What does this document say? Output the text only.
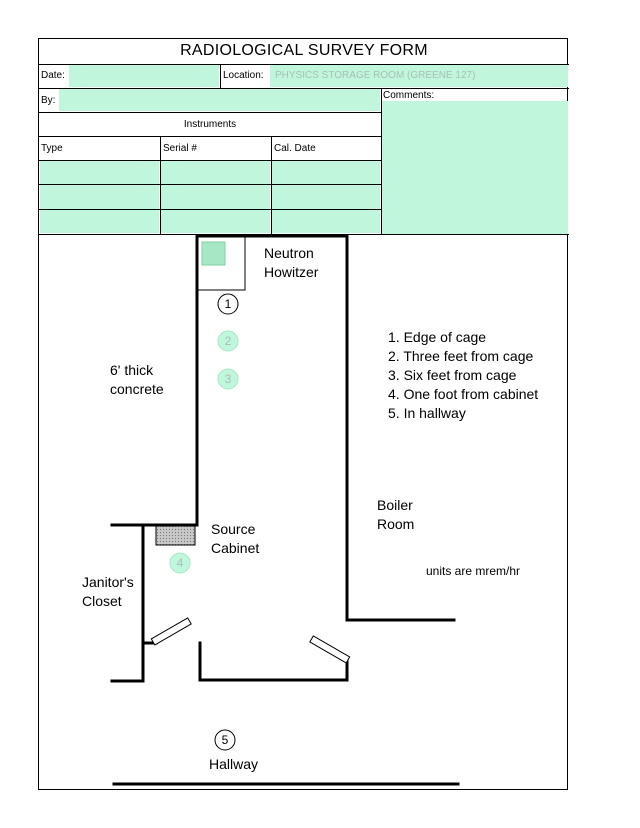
RADIOLOGICAL SURVEY FORM
Date:	Location: PHYSICS STORAGE ROOM (GREENE 127)
By:	Comments:
Instruments
Type	Serial #	Cal. Date
1
2
3
4
5
Neutron
Howitzer
6' thick
concrete
Source
Cabinet
Janitor's
Closet
Boiler
Room
Hallway
1. Edge of cage
2. Three feet from cage
3. Six feet from cage
4. One foot from cabinet
5. In hallway
units are mrem/hr
